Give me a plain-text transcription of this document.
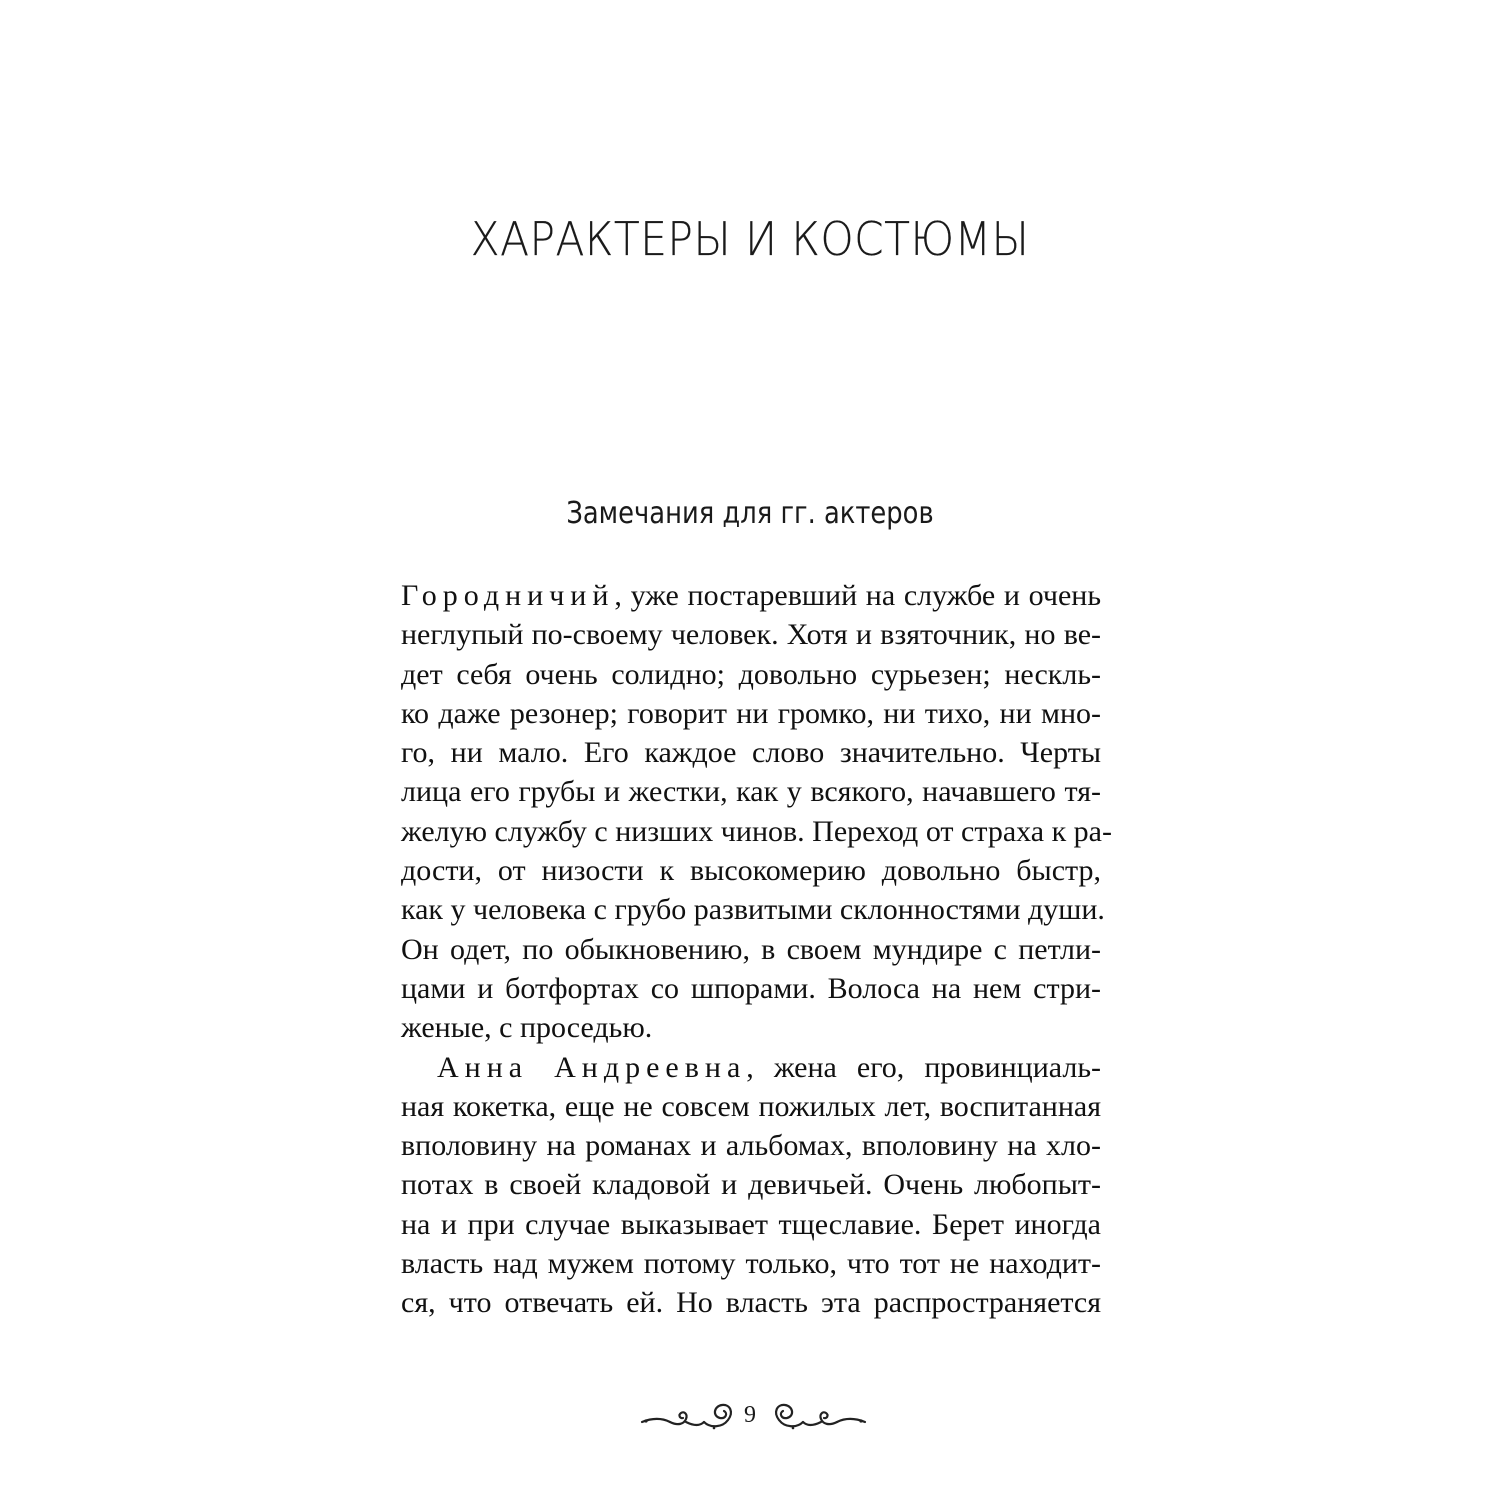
ХАРАКТЕРЫ И КОСТЮМЫ
Замечания для гг. актеров
Городничий, уже постаревший на службе и очень
неглупый по-своему человек. Хотя и взяточник, но ве-
дет себя очень солидно; довольно сурьезен; нескль-
ко даже резонер; говорит ни громко, ни тихо, ни мно-
го, ни мало. Его каждое слово значительно. Черты
лица его грубы и жестки, как у всякого, начавшего тя-
желую службу с низших чинов. Переход от страха к ра-
дости, от низости к высокомерию довольно быстр,
как у человека с грубо развитыми склонностями души.
Он одет, по обыкновению, в своем мундире с петли-
цами и ботфортах со шпорами. Волоса на нем стри-
женые, с проседью.
Анна Андреевна, жена его, провинциаль-
ная кокетка, еще не совсем пожилых лет, воспитанная
вполовину на романах и альбомах, вполовину на хло-
потах в своей кладовой и девичьей. Очень любопыт-
на и при случае выказывает тщеславие. Берет иногда
власть над мужем потому только, что тот не находит-
ся, что отвечать ей. Но власть эта распространяется
9
